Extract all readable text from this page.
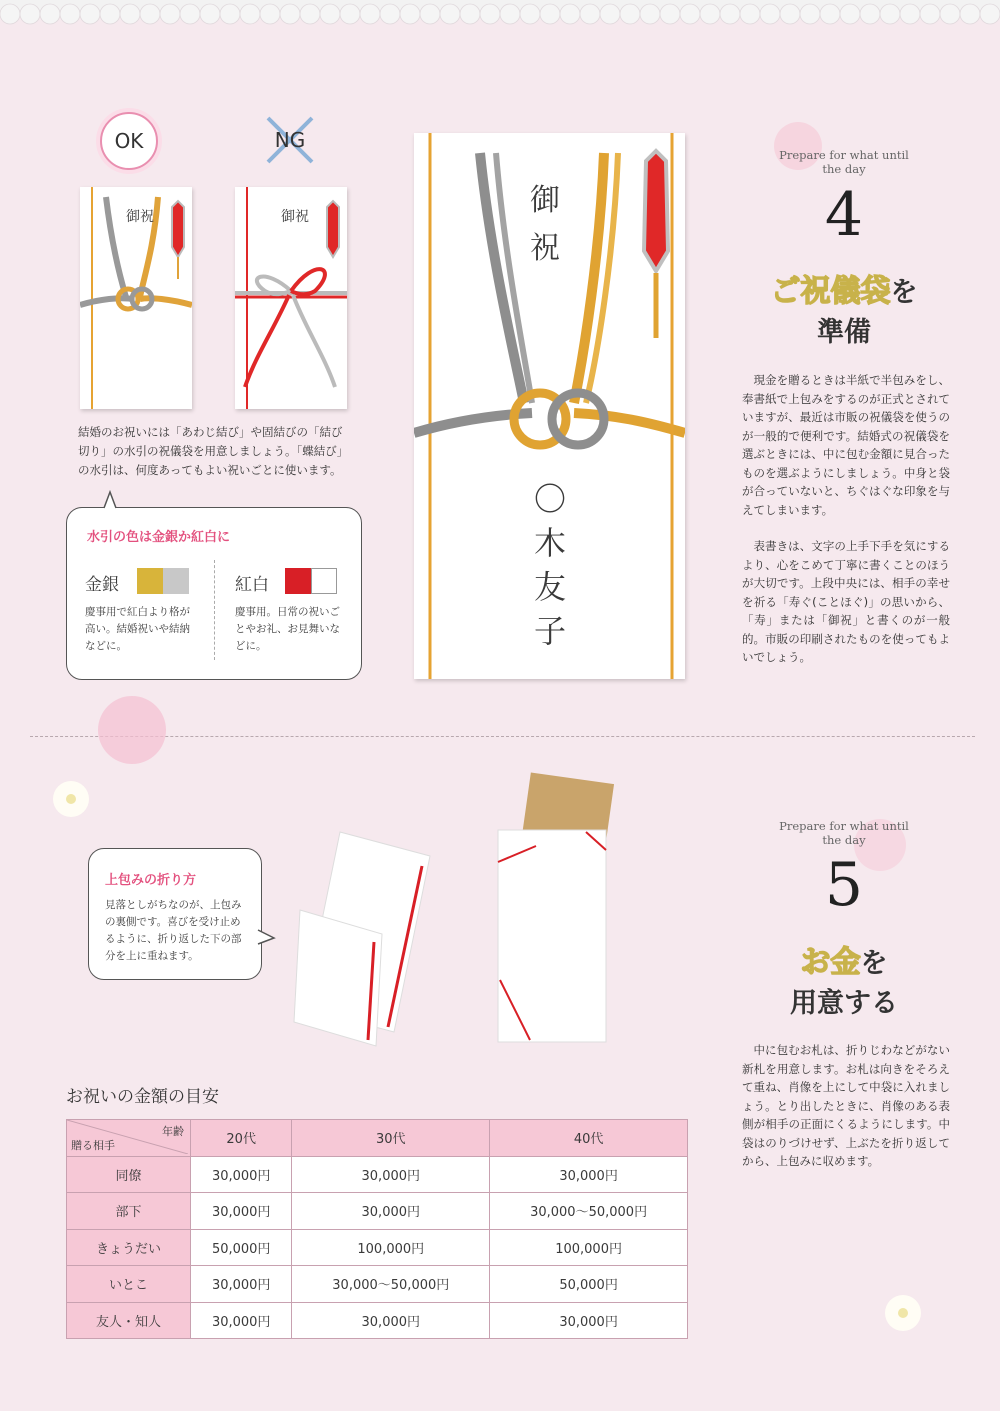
OK	NG
御祝	御祝
結婚のお祝いには「あわじ結び」や固結びの「結び切り」の水引の祝儀袋を用意しましょう。「蝶結び」の水引は、何度あってもよい祝いごとに使います。
水引の色は金銀か紅白に
金銀
慶事用で紅白より格が高い。結婚祝いや結納などに。
紅白
慶事用。日常の祝いごとやお礼、お見舞いなどに。
御
祝
〇
木
友
子
Prepare for what until the day
4
ご祝儀袋を
準備
現金を贈るときは半紙で半包みをし、奉書紙で上包みをするのが正式とされていますが、最近は市販の祝儀袋を使うのが一般的で便利です。結婚式の祝儀袋を選ぶときには、中に包む金額に見合ったものを選ぶようにしましょう。中身と袋が合っていないと、ちぐはぐな印象を与えてしまいます。
表書きは、文字の上手下手を気にするより、心をこめて丁寧に書くことのほうが大切です。上段中央には、相手の幸せを祈る「寿ぐ(ことほぐ)」の思いから、「寿」または「御祝」と書くのが一般的。市販の印刷されたものを使ってもよいでしょう。
上包みの折り方
見落としがちなのが、上包みの裏側です。喜びを受け止めるように、折り返した下の部分を上に重ねます。
Prepare for what until the day
5
お金を
用意する
中に包むお札は、折りじわなどがない新札を用意します。お札は向きをそろえて重ね、肖像を上にして中袋に入れましょう。とり出したときに、肖像のある表側が相手の正面にくるようにします。中袋はのりづけせず、上ぶたを折り返してから、上包みに収めます。
お祝いの金額の目安
年齢
贈る相手	20代	30代	40代
同僚	30,000円	30,000円	30,000円
部下	30,000円	30,000円	30,000〜50,000円
きょうだい	50,000円	100,000円	100,000円
いとこ	30,000円	30,000〜50,000円	50,000円
友人・知人	30,000円	30,000円	30,000円
